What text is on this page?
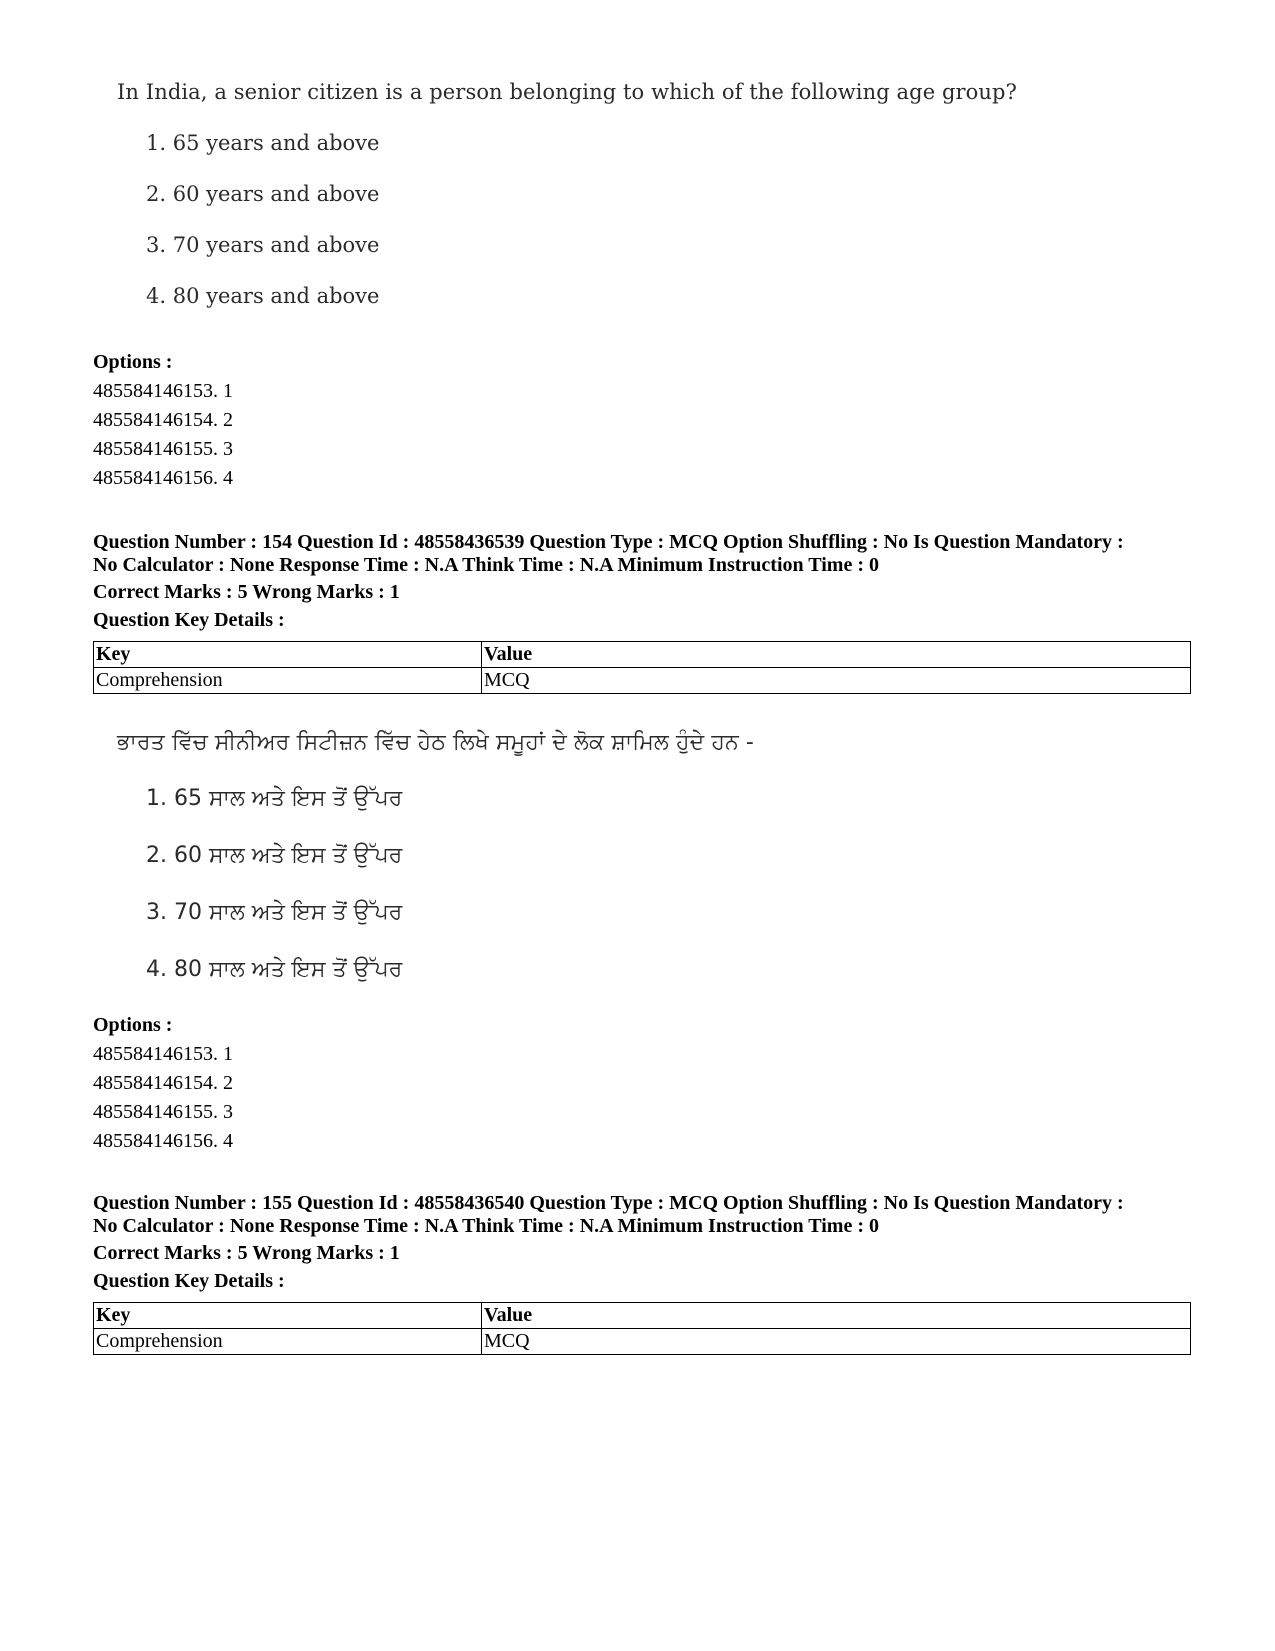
In India, a senior citizen is a person belonging to which of the following age group?

1. 65 years and above

2. 60 years and above

3. 70 years and above

4. 80 years and above

Options :
485584146153. 1
485584146154. 2
485584146155. 3
485584146156. 4
Question Number : 154 Question Id : 48558436539 Question Type : MCQ Option Shuffling : No Is Question Mandatory :
No Calculator : None Response Time : N.A Think Time : N.A Minimum Instruction Time : 0
Correct Marks : 5 Wrong Marks : 1
Question Key Details :
Key	Value
Comprehension	MCQ

ਭਾਰਤ ਵਿੱਚ ਸੀਨੀਅਰ ਸਿਟੀਜ਼ਨ ਵਿੱਚ ਹੇਠ ਲਿਖੇ ਸਮੂਹਾਂ ਦੇ ਲੋਕ ਸ਼ਾਮਿਲ ਹੁੰਦੇ ਹਨ -

1. 65 ਸਾਲ ਅਤੇ ਇਸ ਤੋਂ ਉੱਪਰ

2. 60 ਸਾਲ ਅਤੇ ਇਸ ਤੋਂ ਉੱਪਰ

3. 70 ਸਾਲ ਅਤੇ ਇਸ ਤੋਂ ਉੱਪਰ

4. 80 ਸਾਲ ਅਤੇ ਇਸ ਤੋਂ ਉੱਪਰ

Options :
485584146153. 1
485584146154. 2
485584146155. 3
485584146156. 4
Question Number : 155 Question Id : 48558436540 Question Type : MCQ Option Shuffling : No Is Question Mandatory :
No Calculator : None Response Time : N.A Think Time : N.A Minimum Instruction Time : 0
Correct Marks : 5 Wrong Marks : 1
Question Key Details :
Key	Value
Comprehension	MCQ
